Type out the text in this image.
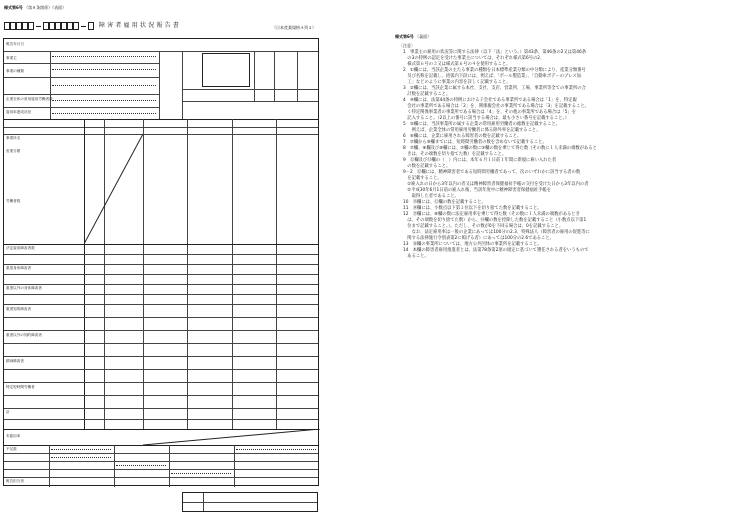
様式第6号 （第８条関係）（表面）
（日本産業規格Ａ列４）
障害者雇用状況報告書
報告年月日
事業主
事業の種類
企業全体の常用雇用労働者数
雇用率達成状況
事業所名
産業分類
労働者数
法定雇用障害者数
重度身体障害者
重度以外の身体障害者
重度知的障害者
重度以外の知的障害者
精神障害者
特定短時間労働者
計
実雇用率
不足数
報告担当者
様式第6号 （裏面）
〔注意〕
1　事業主の雇用の状況等に関する法律（以下「法」という。）第43条、第46条の2又は第46条
　の3の特例の認定を受けた事業主については、それぞれ様式第6号の2、
　様式第６号の３又は様式第６号の４を使用すること。
2　①欄には、当該企業の主たる事業の種類を日本標準産業分類の中分類により、産業分類番号
　及び名称を記載し、括弧内下段には、例えば、「ボール製造業」、「自動車ボデーのプレス加
　工」などのように事業の内容を詳しく記載すること。
3　②欄には、当該企業に属する本社、支社、支店、営業所、工場、事業所等全ての事業所の合
　計数を記載すること。
4　④欄には、法第44条の特例における子会社である事業所である場合は「1」を、特定親
　会社の事業所である場合は「2」を、関係親会社の事業所である場合は「3」を記載すること。
　く特定関係事業者の事業所である場合は「4」を、その他の事業所である場合は「5」を
　記入すること。（2以上の番号に該当する場合は、最も小さい番号を記載すること。）
5　⑤欄には、当該事業所の属する企業の常用雇用労働者の総数を記載すること。
　　例えば、企業全体の常用雇用労働者に係る除外率を記載すること。
6　⑥欄には、企業に雇用される障害者の数を記載すること。
7　⑦欄から⑨欄までには、短時間労働者の数を含めないで記載すること。
8　⑦欄、⑧欄及び⑨欄には、⑦欄の数に⑤欄の数を乗じて得た数（その数に１人未満の端数があると
　きは、その端数を切り捨てた数）を記載すること。
9　⑫欄及び⑬欄の（　）内には、本年６月１日前１年間に新規に雇い入れた者
　の数を記載すること。
9－2　⑫欄には、精神障害者である短時間労働者であって、次のいずれかに該当する者の数
　を記載すること。
　①雇入れの日から3年以内の者又は精神障害者保健福祉手帳の交付を受けた日から3年以内の者
　②平成30年6月1日前の雇入れ後、当該年度中に精神障害者保健福祉手帳を
　　取得した者であること。
10　⑬欄には、⑫欄の数を記載すること。
11　⑭欄には、小数点以下第３位以下を切り捨てた数を記載すること。
12　⑮欄には、⑧欄の数に法定雇用率を乗じて得た数（その数に１人未満の端数があるとき
　は、その端数を切り捨てた数）から、⑭欄の数を控除した数を記載すること（小数点以下第1
　位まで記載すること。）。ただし、その数が0を下回る場合は、0を記載すること。
　　なお、法定雇用率は一般の企業にあっては100分の2.3、特殊法人（障害者の雇用の促進等に
　関する法律施行令別表第2に掲げる者）にあっては100分の2.6であること。
13　⑯欄の事業所については、地方公共団体の事業所を記載すること。
14　本欄の障害者雇用推進者とは、法第78条第2項の規定に基づいて選任される者をいうもので
　あること。
